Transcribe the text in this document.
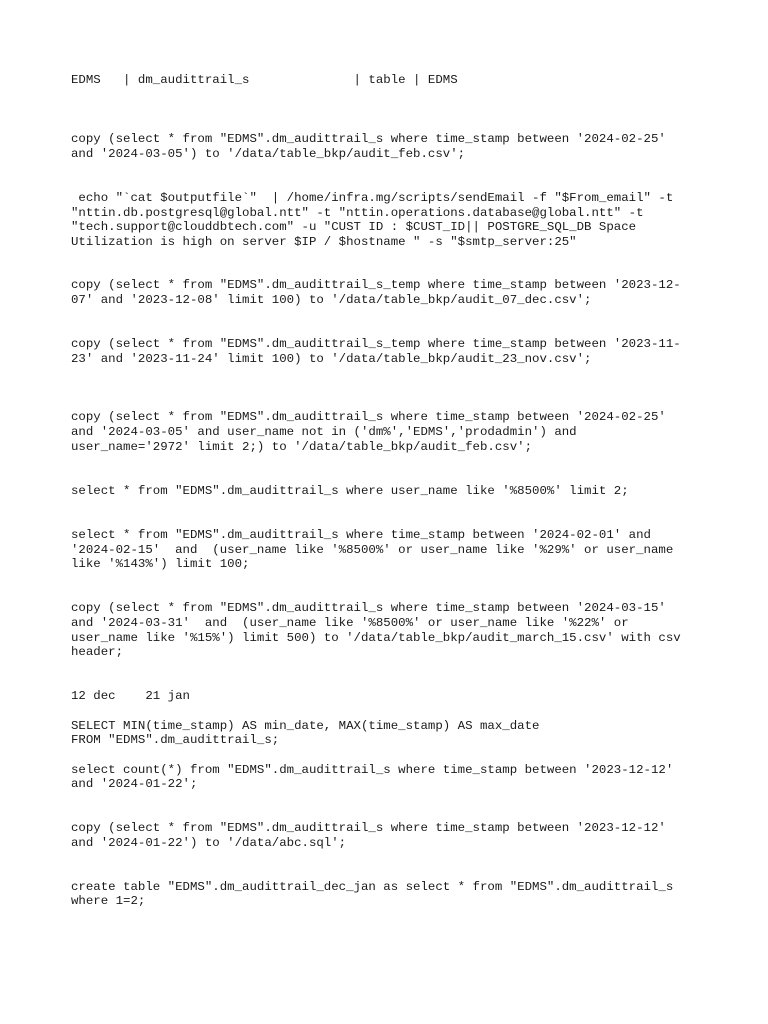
EDMS   | dm_audittrail_s              | table | EDMS

copy (select * from "EDMS".dm_audittrail_s where time_stamp between '2024-02-25'

and '2024-03-05') to '/data/table_bkp/audit_feb.csv';

echo "`cat $outputfile`"  | /home/infra.mg/scripts/sendEmail -f "$From_email" -t

"nttin.db.postgresql@global.ntt" -t "nttin.operations.database@global.ntt" -t

"tech.support@clouddbtech.com" -u "CUST ID : $CUST_ID|| POSTGRE_SQL_DB Space

Utilization is high on server $IP / $hostname " -s "$smtp_server:25"

copy (select * from "EDMS".dm_audittrail_s_temp where time_stamp between '2023-12-

07' and '2023-12-08' limit 100) to '/data/table_bkp/audit_07_dec.csv';

copy (select * from "EDMS".dm_audittrail_s_temp where time_stamp between '2023-11-

23' and '2023-11-24' limit 100) to '/data/table_bkp/audit_23_nov.csv';

copy (select * from "EDMS".dm_audittrail_s where time_stamp between '2024-02-25'

and '2024-03-05' and user_name not in ('dm%','EDMS','prodadmin') and

user_name='2972' limit 2;) to '/data/table_bkp/audit_feb.csv';

select * from "EDMS".dm_audittrail_s where user_name like '%8500%' limit 2;

select * from "EDMS".dm_audittrail_s where time_stamp between '2024-02-01' and

'2024-02-15'  and  (user_name like '%8500%' or user_name like '%29%' or user_name

like '%143%') limit 100;

copy (select * from "EDMS".dm_audittrail_s where time_stamp between '2024-03-15'

and '2024-03-31'  and  (user_name like '%8500%' or user_name like '%22%' or

user_name like '%15%') limit 500) to '/data/table_bkp/audit_march_15.csv' with csv

header;

12 dec    21 jan

SELECT MIN(time_stamp) AS min_date, MAX(time_stamp) AS max_date

FROM "EDMS".dm_audittrail_s;

select count(*) from "EDMS".dm_audittrail_s where time_stamp between '2023-12-12'

and '2024-01-22';

copy (select * from "EDMS".dm_audittrail_s where time_stamp between '2023-12-12'

and '2024-01-22') to '/data/abc.sql';

create table "EDMS".dm_audittrail_dec_jan as select * from "EDMS".dm_audittrail_s

where 1=2;
